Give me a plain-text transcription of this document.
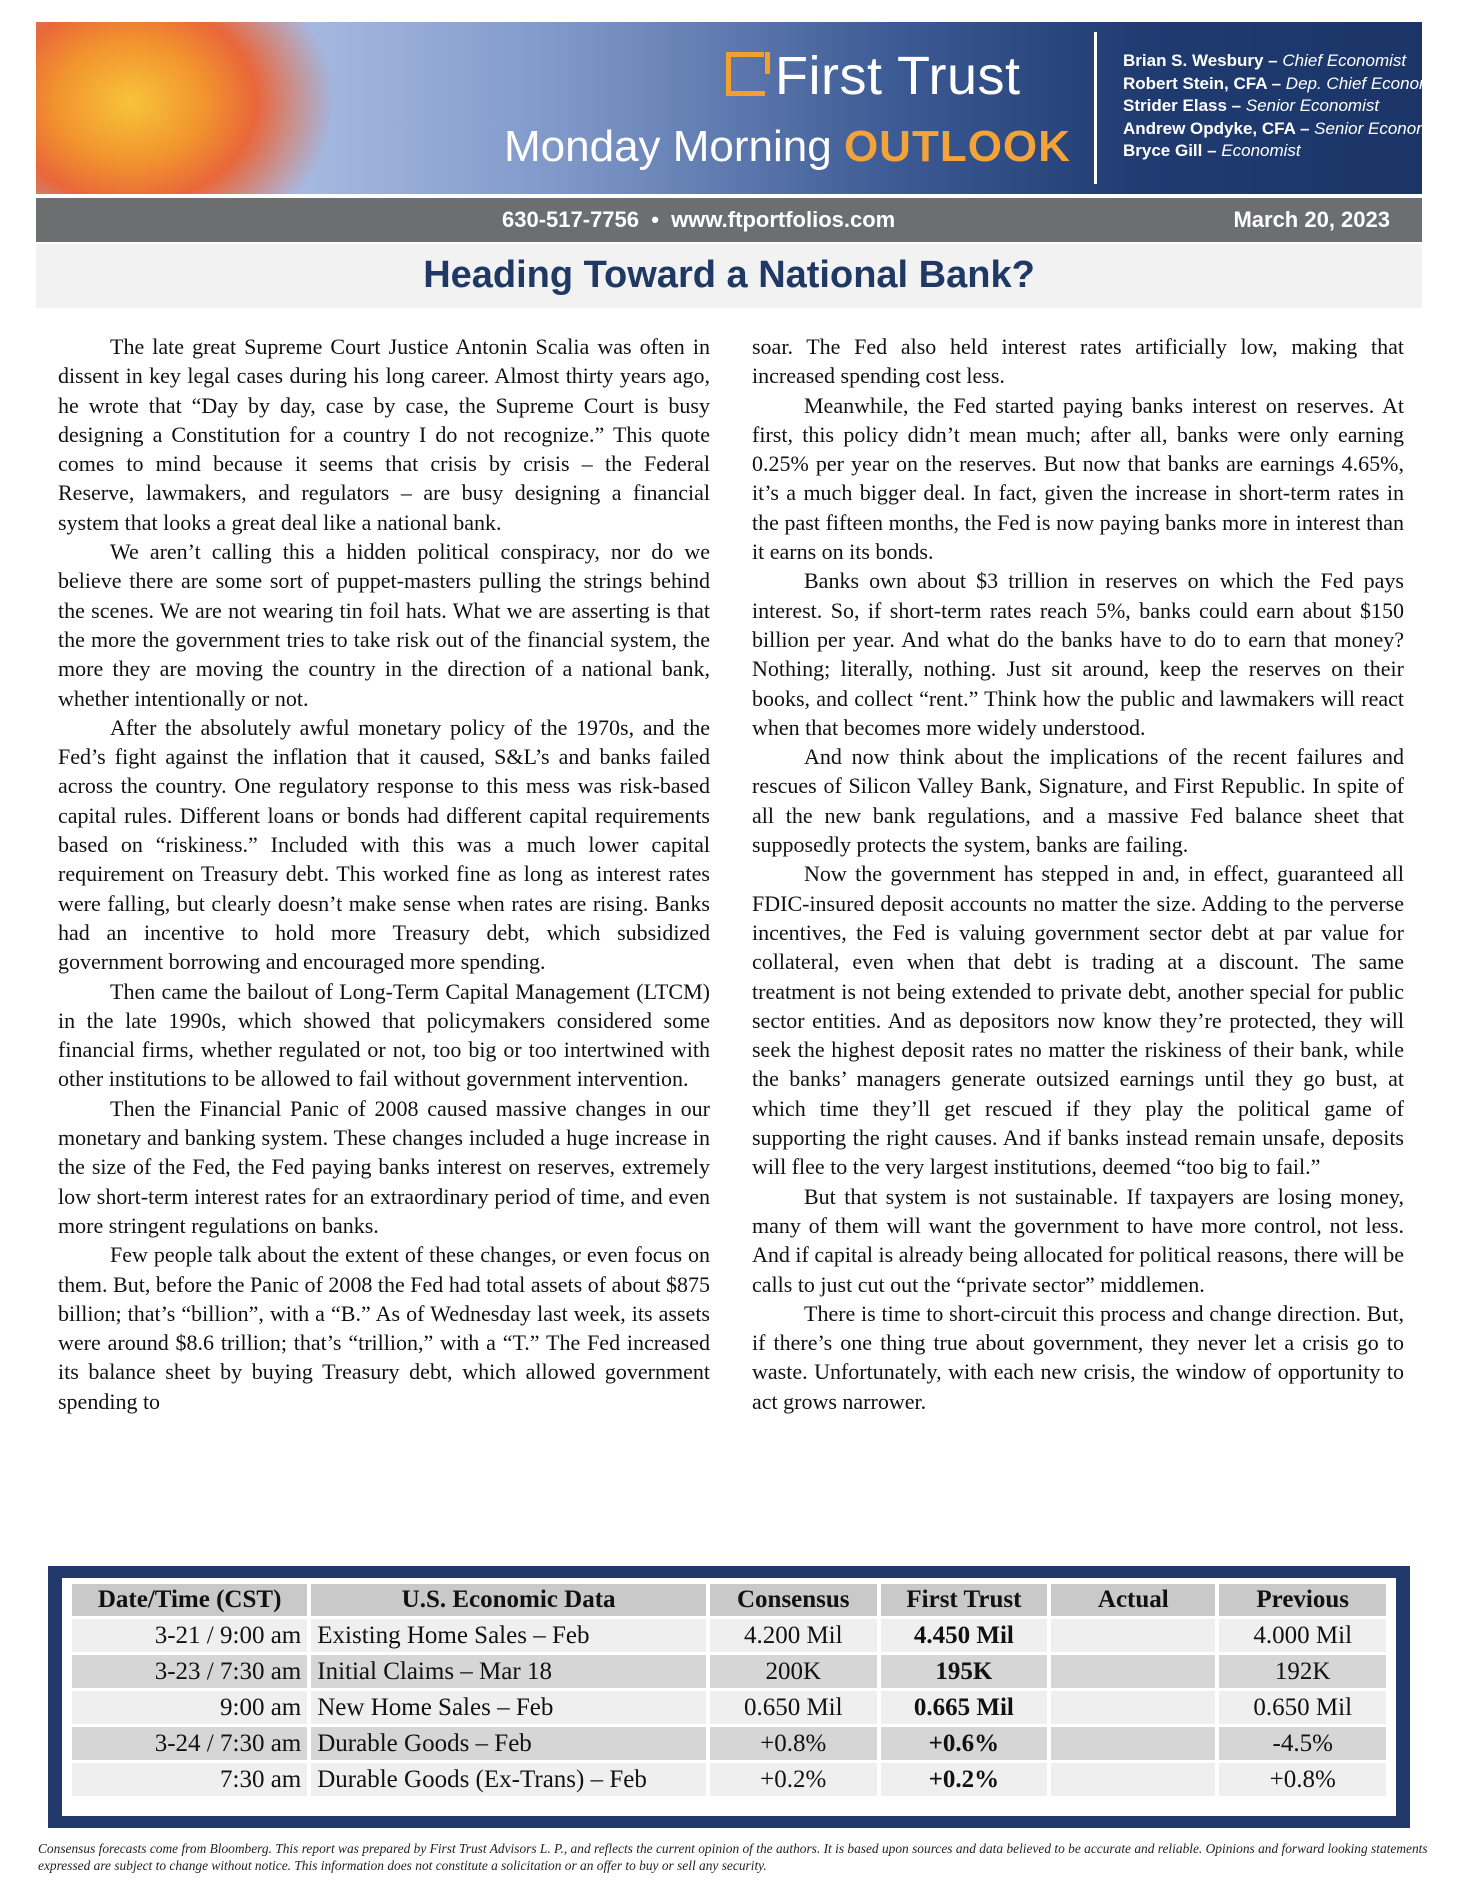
First Trust
Monday Morning OUTLOOK
Brian S. Wesbury – Chief Economist
Robert Stein, CFA – Dep. Chief Economist
Strider Elass – Senior Economist
Andrew Opdyke, CFA – Senior Economist
Bryce Gill – Economist
630-517-7756  •  www.ftportfolios.com	March 20, 2023
Heading Toward a National Bank?

The late great Supreme Court Justice Antonin Scalia was often in dissent in key legal cases during his long career. Almost thirty years ago, he wrote that “Day by day, case by case, the Supreme Court is busy designing a Constitution for a country I do not recognize.” This quote comes to mind because it seems that crisis by crisis – the Federal Reserve, lawmakers, and regulators – are busy designing a financial system that looks a great deal like a national bank.

We aren’t calling this a hidden political conspiracy, nor do we believe there are some sort of puppet-masters pulling the strings behind the scenes. We are not wearing tin foil hats. What we are asserting is that the more the government tries to take risk out of the financial system, the more they are moving the country in the direction of a national bank, whether intentionally or not.

After the absolutely awful monetary policy of the 1970s, and the Fed’s fight against the inflation that it caused, S&L’s and banks failed across the country. One regulatory response to this mess was risk-based capital rules. Different loans or bonds had different capital requirements based on “riskiness.” Included with this was a much lower capital requirement on Treasury debt. This worked fine as long as interest rates were falling, but clearly doesn’t make sense when rates are rising. Banks had an incentive to hold more Treasury debt, which subsidized government borrowing and encouraged more spending.

Then came the bailout of Long-Term Capital Management (LTCM) in the late 1990s, which showed that policymakers considered some financial firms, whether regulated or not, too big or too intertwined with other institutions to be allowed to fail without government intervention.

Then the Financial Panic of 2008 caused massive changes in our monetary and banking system. These changes included a huge increase in the size of the Fed, the Fed paying banks interest on reserves, extremely low short-term interest rates for an extraordinary period of time, and even more stringent regulations on banks.

Few people talk about the extent of these changes, or even focus on them. But, before the Panic of 2008 the Fed had total assets of about $875 billion; that’s “billion”, with a “B.” As of Wednesday last week, its assets were around $8.6 trillion; that’s “trillion,” with a “T.” The Fed increased its balance sheet by buying Treasury debt, which allowed government spending to

soar. The Fed also held interest rates artificially low, making that increased spending cost less.

Meanwhile, the Fed started paying banks interest on reserves. At first, this policy didn’t mean much; after all, banks were only earning 0.25% per year on the reserves. But now that banks are earnings 4.65%, it’s a much bigger deal. In fact, given the increase in short-term rates in the past fifteen months, the Fed is now paying banks more in interest than it earns on its bonds.

Banks own about $3 trillion in reserves on which the Fed pays interest. So, if short-term rates reach 5%, banks could earn about $150 billion per year. And what do the banks have to do to earn that money? Nothing; literally, nothing. Just sit around, keep the reserves on their books, and collect “rent.” Think how the public and lawmakers will react when that becomes more widely understood.

And now think about the implications of the recent failures and rescues of Silicon Valley Bank, Signature, and First Republic. In spite of all the new bank regulations, and a massive Fed balance sheet that supposedly protects the system, banks are failing.

Now the government has stepped in and, in effect, guaranteed all FDIC-insured deposit accounts no matter the size. Adding to the perverse incentives, the Fed is valuing government sector debt at par value for collateral, even when that debt is trading at a discount. The same treatment is not being extended to private debt, another special for public sector entities. And as depositors now know they’re protected, they will seek the highest deposit rates no matter the riskiness of their bank, while the banks’ managers generate outsized earnings until they go bust, at which time they’ll get rescued if they play the political game of supporting the right causes. And if banks instead remain unsafe, deposits will flee to the very largest institutions, deemed “too big to fail.”

But that system is not sustainable. If taxpayers are losing money, many of them will want the government to have more control, not less. And if capital is already being allocated for political reasons, there will be calls to just cut out the “private sector” middlemen.

There is time to short-circuit this process and change direction. But, if there’s one thing true about government, they never let a crisis go to waste. Unfortunately, with each new crisis, the window of opportunity to act grows narrower.

Date/Time (CST)	U.S. Economic Data	Consensus	First Trust	Actual	Previous
3-21 / 9:00 am	Existing Home Sales – Feb	4.200 Mil	4.450 Mil		4.000 Mil
3-23 / 7:30 am	Initial Claims – Mar 18	200K	195K		192K
9:00 am	New Home Sales – Feb	0.650 Mil	0.665 Mil		0.650 Mil
3-24 / 7:30 am	Durable Goods – Feb	+0.8%	+0.6%		-4.5%
7:30 am	Durable Goods (Ex-Trans) – Feb	+0.2%	+0.2%		+0.8%
Consensus forecasts come from Bloomberg. This report was prepared by First Trust Advisors L. P., and reflects the current opinion of the authors. It is based upon sources and data believed to be accurate and reliable. Opinions and forward looking statements expressed are subject to change without notice. This information does not constitute a solicitation or an offer to buy or sell any security.
